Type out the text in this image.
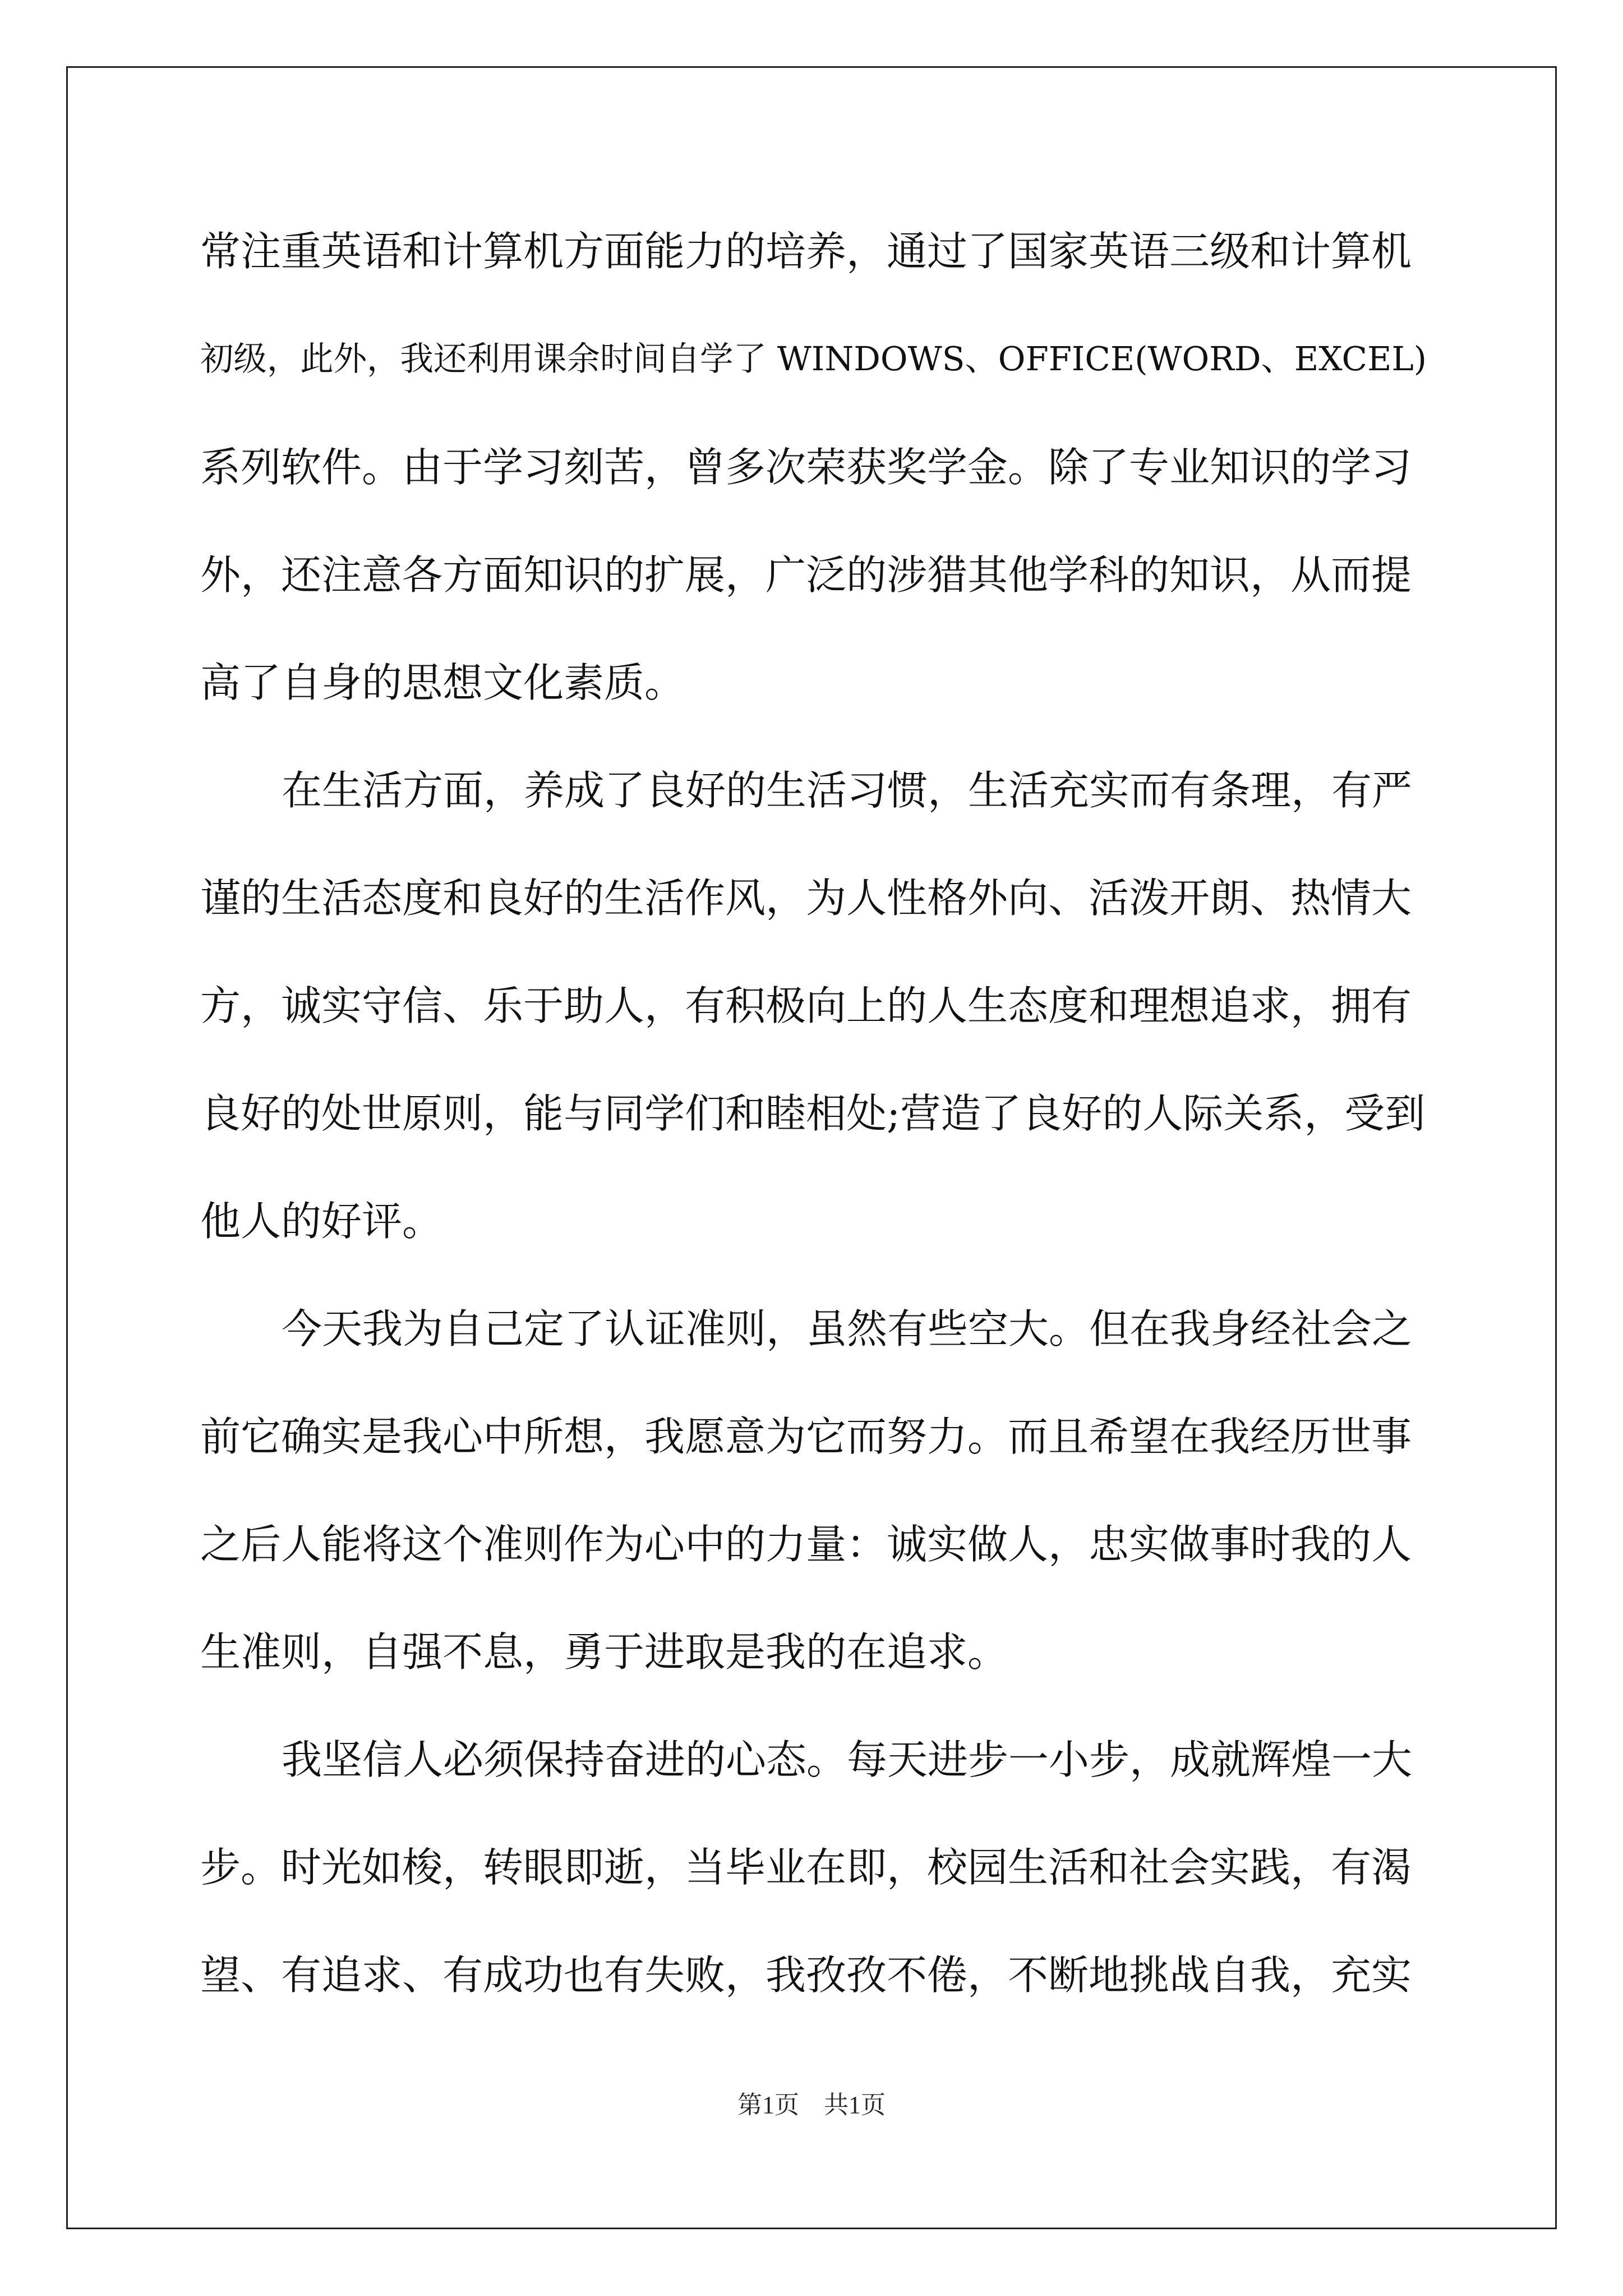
常注重英语和计算机方面能力的培养，通过了国家英语三级和计算机
初级，此外，我还利用课余时间自学了 WINDOWS、OFFICE(WORD、EXCEL)
系列软件。由于学习刻苦，曾多次荣获奖学金。除了专业知识的学习
外，还注意各方面知识的扩展，广泛的涉猎其他学科的知识，从而提
高了自身的思想文化素质。
在生活方面，养成了良好的生活习惯，生活充实而有条理，有严
谨的生活态度和良好的生活作风，为人性格外向、活泼开朗、热情大
方，诚实守信、乐于助人，有积极向上的人生态度和理想追求，拥有
良好的处世原则，能与同学们和睦相处;营造了良好的人际关系，受到
他人的好评。
今天我为自己定了认证准则，虽然有些空大。但在我身经社会之
前它确实是我心中所想，我愿意为它而努力。而且希望在我经历世事
之后人能将这个准则作为心中的力量：诚实做人，忠实做事时我的人
生准则，自强不息，勇于进取是我的在追求。
我坚信人必须保持奋进的心态。每天进步一小步，成就辉煌一大
步。时光如梭，转眼即逝，当毕业在即，校园生活和社会实践，有渴
望、有追求、有成功也有失败，我孜孜不倦，不断地挑战自我，充实
第1页　共1页
